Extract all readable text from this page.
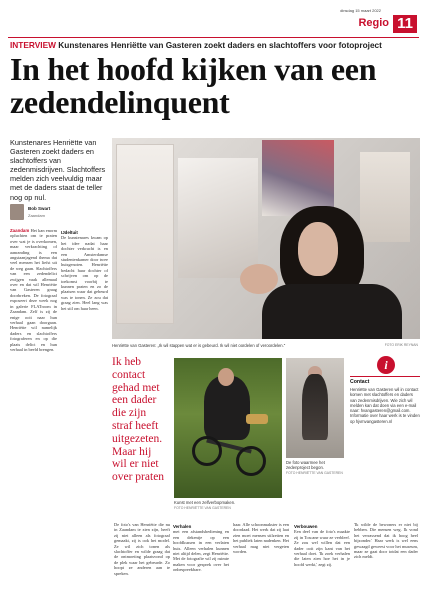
dinsdag 15 maart 2022
Regio 11
INTERVIEW Kunstenares Henriëtte van Gasteren zoekt daders en slachtoffers voor fotoproject
In het hoofd kijken van een zedendelinquent

Kunstenares Henriëtte van Gasteren zoekt daders en slachtoffers van zedenmisdrijven. Slachtoffers melden zich veelvuldig maar met de daders staat de teller nog op nul.

Bob Swart
Zaandam
Zaandam Het kan enorm opluchten om te praten over wat je is overkomen, maar verkrachting of aanranding is een angstaanjagend thema dat veel mensen het liefst uit de weg gaan. Slachtoffers van een zedendelict zwijgen vaak allemaal over en dat wil Henriëtte van Gasteren graag doorbreken. De fotograaf exposeert deze week nog in galerie FLATroom in Zaandam. Zelf is zij de enige ooit naar hun verhaal gaan doorgaan. Henriëtte wil namelijk daders en slachtoffers fotograferen en op die plaats delict en hun verhaal in beeld brengen.
IJdeltuit
De kunstenares kwam op het idee nadat haar dochter verkracht is en een Amsterdamse studentenkamer door twee huisgenoten. Henriëtte bedacht haar dochter of schrijven om op de toekomst voorbij te kunnen praten en zo de plaatsen waar dat gebeurd was te tonen. Ze zou dat graag zien. Heel lang was het stil om haar heen.
Henriëtte van Gasteren: „Ik wil stappen wat er is gebeurd. Ik wil niet oordelen of veroordelen."	FOTO ERIK REYNAN
Ik heb contact gehad met een dader die zijn straf heeft uitgezeten. Maar hij wil er niet over praten
Kunst met een zelfverbopmaken.
FOTO HENRIËTTE VAN GASTEREN
De foto waarmee het zedenproject begon.
FOTO HENRIËTTE VAN GASTEREN
i
Contact
Henriëtte van Gasteren wil in contact komen met slachtoffers en daders van zedenmisdrijven. Wie zich wil melden kan dat doen via een e-mail naar: hvangasteren@gmail.com. Informatie over haar werk is te vinden op hjvmvangasteren.nl
De foto's van Henriëtte die nu in Zaandam te zien zijn, heeft zij niet alleen als fotograaf gemaakt, zij is ook het model. Ze wil zich tonen als slachtoffer en wilde graag dat de ontmoeting plaatsvond op de plek waar het gebeurde. Zo hoopt ze anderen aan te spreken.
Verhalen
met een afstandsbediening en een dekentje op een hoofdkussen in een verlaten huis. Alleen verhalen kunnen niet altijd delen, zegt Henriëtte. Met de fotografie wil zij ruimte maken voor gesprek over het onbespreekbare.
haar. Alle schoonmakster is een doordaad. Het werk dat zij laat zien moet mensen stilzetten en het publiek laten nadenken. Het verhaal mag niet vergeten worden.
Verbouwen
Een deel van de foto's maakte zij in Toscane waar ze verbleef. Ze zou wel willen dat een dader ooit zijn kant van het verhaal doet. 'Ik zoek verhalen die laten zien hoe het in je hoofd werkt,' zegt zij.
'Ik wilde de bewoners er niet bij hebben. Die mensen weg. Ik vond het verrassend dat ik hoog heel bijzonder.' Haar werk is wel eens gewaagd geweest voor het museum, maar ze gaat door totdat een dader zich meldt.
